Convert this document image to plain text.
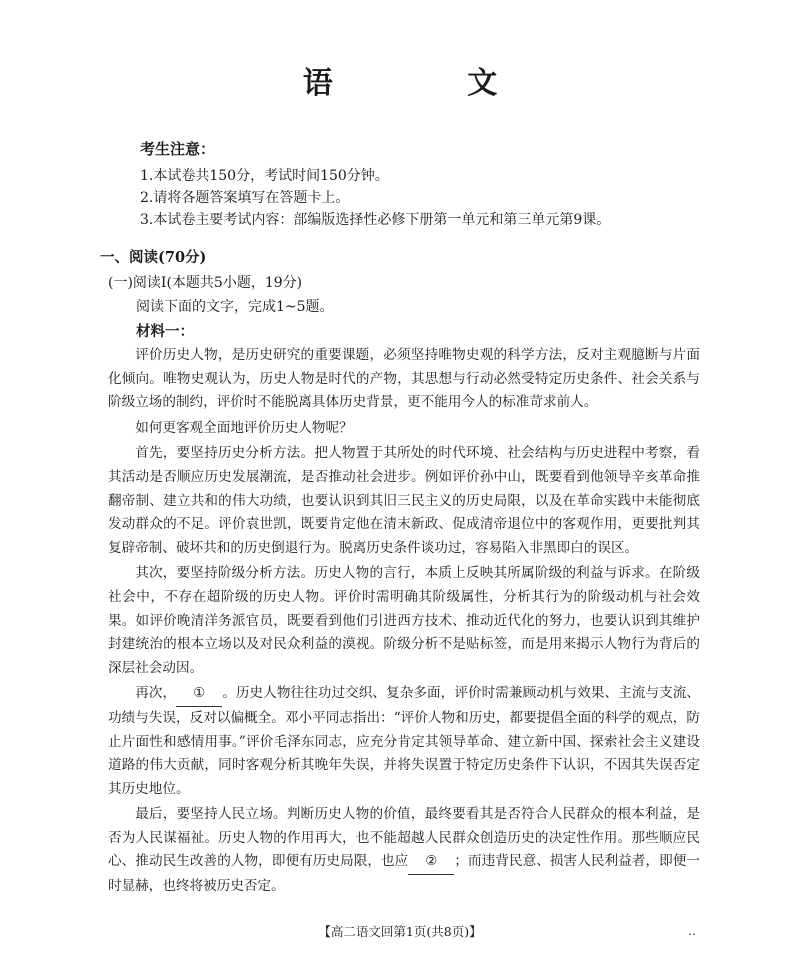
语 文
考生注意：
1.本试卷共150分，考试时间150分钟。
2.请将各题答案填写在答题卡上。
3.本试卷主要考试内容：部编版选择性必修下册第一单元和第三单元第9课。
一、阅读(70分)
(一)阅读Ⅰ(本题共5小题，19分)
阅读下面的文字，完成1~5题。
材料一：

评价历史人物，是历史研究的重要课题，必须坚持唯物史观的科学方法，反对主观臆断与片面化倾向。唯物史观认为，历史人物是时代的产物，其思想与行动必然受特定历史条件、社会关系与阶级立场的制约，评价时不能脱离具体历史背景，更不能用今人的标准苛求前人。

如何更客观全面地评价历史人物呢？

首先，要坚持历史分析方法。把人物置于其所处的时代环境、社会结构与历史进程中考察，看其活动是否顺应历史发展潮流，是否推动社会进步。例如评价孙中山，既要看到他领导辛亥革命推翻帝制、建立共和的伟大功绩，也要认识到其旧三民主义的历史局限，以及在革命实践中未能彻底发动群众的不足。评价袁世凯，既要肯定他在清末新政、促成清帝退位中的客观作用，更要批判其复辟帝制、破坏共和的历史倒退行为。脱离历史条件谈功过，容易陷入非黑即白的误区。

其次，要坚持阶级分析方法。历史人物的言行，本质上反映其所属阶级的利益与诉求。在阶级社会中，不存在超阶级的历史人物。评价时需明确其阶级属性，分析其行为的阶级动机与社会效果。如评价晚清洋务派官员，既要看到他们引进西方技术、推动近代化的努力，也要认识到其维护封建统治的根本立场以及对民众利益的漠视。阶级分析不是贴标签，而是用来揭示人物行为背后的深层社会动因。

再次， ① 。历史人物往往功过交织、复杂多面，评价时需兼顾动机与效果、主流与支流、功绩与失误，反对以偏概全。邓小平同志指出：“评价人物和历史，都要提倡全面的科学的观点，防止片面性和感情用事。”评价毛泽东同志，应充分肯定其领导革命、建立新中国、探索社会主义建设道路的伟大贡献，同时客观分析其晚年失误，并将失误置于特定历史条件下认识，不因其失误否定其历史地位。

最后，要坚持人民立场。判断历史人物的价值，最终要看其是否符合人民群众的根本利益，是否为人民谋福祉。历史人物的作用再大，也不能超越人民群众创造历史的决定性作用。那些顺应民心、推动民生改善的人物，即便有历史局限，也应 ② ；而违背民意、损害人民利益者，即便一时显赫，也终将被历史否定。

【高二语文回第1页(共8页)】	‥
